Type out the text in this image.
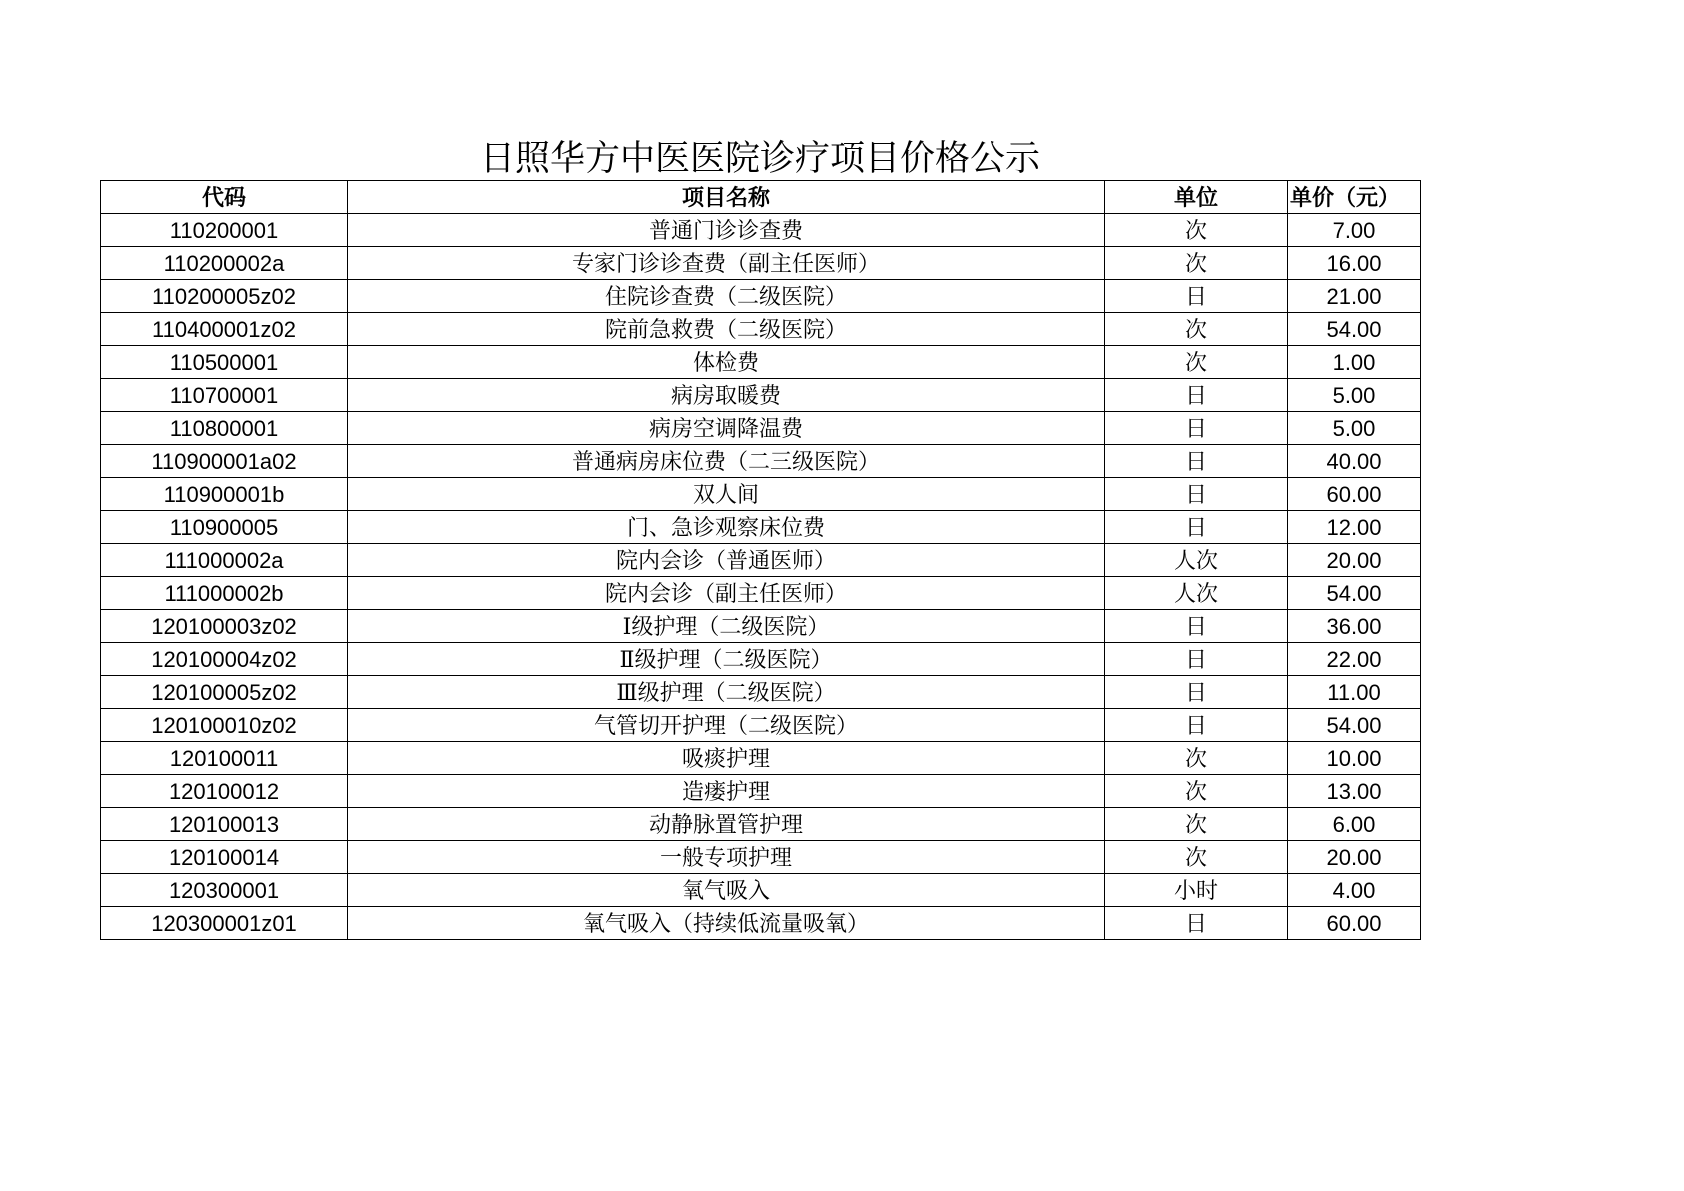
日照华方中医医院诊疗项目价格公示
代码	项目名称	单位	单价（元）
110200001	普通门诊诊查费	次	7.00
110200002a	专家门诊诊查费（副主任医师）	次	16.00
110200005z02	住院诊查费（二级医院）	日	21.00
110400001z02	院前急救费（二级医院）	次	54.00
110500001	体检费	次	1.00
110700001	病房取暖费	日	5.00
110800001	病房空调降温费	日	5.00
110900001a02	普通病房床位费（二三级医院）	日	40.00
110900001b	双人间	日	60.00
110900005	门、急诊观察床位费	日	12.00
111000002a	院内会诊（普通医师）	人次	20.00
111000002b	院内会诊（副主任医师）	人次	54.00
120100003z02	Ⅰ级护理（二级医院）	日	36.00
120100004z02	Ⅱ级护理（二级医院）	日	22.00
120100005z02	Ⅲ级护理（二级医院）	日	11.00
120100010z02	气管切开护理（二级医院）	日	54.00
120100011	吸痰护理	次	10.00
120100012	造瘘护理	次	13.00
120100013	动静脉置管护理	次	6.00
120100014	一般专项护理	次	20.00
120300001	氧气吸入	小时	4.00
120300001z01	氧气吸入（持续低流量吸氧）	日	60.00
